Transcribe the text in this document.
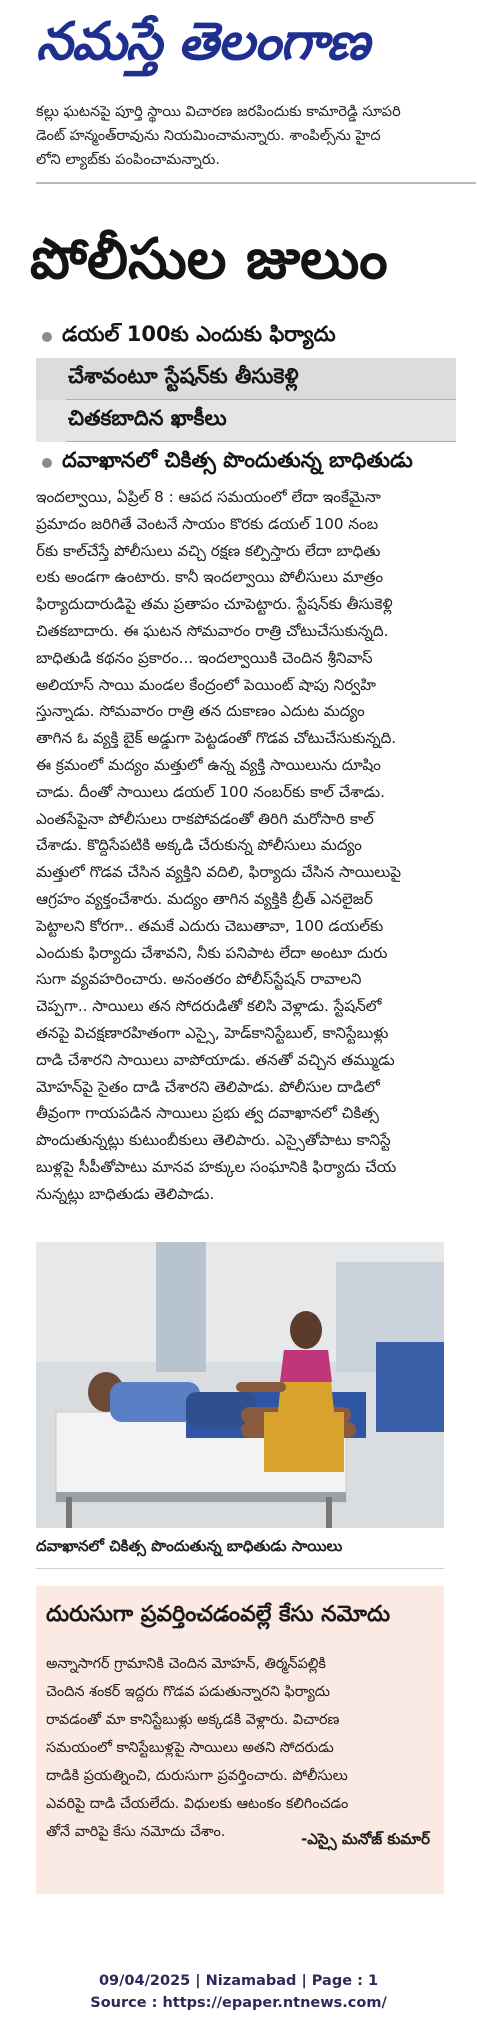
నమస్తే తెలంగాణ

కల్లు ఘటనపై పూర్తి స్థాయి విచారణ జరపిందుకు కామారెడ్డి సూపరి

డెంట్ హన్మంత్‌రావును నియమించామన్నారు. శాంపిల్స్‌ను హైద

లోని ల్యాబ్‌కు పంపించామన్నారు.

పోలీసుల జులుం
డయల్ 100కు ఎందుకు ఫిర్యాదు
చేశావంటూ స్టేషన్‌కు తీసుకెళ్లి
చితకబాదిన ఖాకీలు
దవాఖానలో చికిత్స పొందుతున్న బాధితుడు

ఇందల్వాయి, ఏప్రిల్ 8 : ఆపద సమయంలో లేదా ఇంకేమైనా

ప్రమాదం జరిగితే వెంటనే సాయం కొరకు డయల్ 100 నంబ

ర్‌కు కాల్‌చేస్తే పోలీసులు వచ్చి రక్షణ కల్పిస్తారు లేదా బాధితు

లకు అండగా ఉంటారు. కానీ ఇందల్వాయి పోలీసులు మాత్రం

ఫిర్యాదుదారుడిపై తమ ప్రతాపం చూపెట్టారు. స్టేషన్‌కు తీసుకెళ్లి

చితకబాదారు. ఈ ఘటన సోమవారం రాత్రి చోటుచేసుకున్నది.

బాధితుడి కథనం ప్రకారం... ఇందల్వాయికి చెందిన శ్రీనివాస్

అలియాస్ సాయి మండల కేంద్రంలో పెయింట్ షాపు నిర్వహి

స్తున్నాడు. సోమవారం రాత్రి తన దుకాణం ఎదుట మద్యం

తాగిన ఓ వ్యక్తి బైక్ అడ్డుగా పెట్టడంతో గొడవ చోటుచేసుకున్నది.

ఈ క్రమంలో మద్యం మత్తులో ఉన్న వ్యక్తి సాయిలును దూషిం

చాడు. దీంతో సాయిలు డయల్ 100 నంబర్‌కు కాల్ చేశాడు.

ఎంతసేపైనా పోలీసులు రాకపోవడంతో తిరిగి మరోసారి కాల్

చేశాడు. కొద్దిసేపటికి అక్కడి చేరుకున్న పోలీసులు మద్యం

మత్తులో గొడవ చేసిన వ్యక్తిని వదిలి, ఫిర్యాదు చేసిన సాయిలుపై

ఆగ్రహం వ్యక్తంచేశారు. మద్యం తాగిన వ్యక్తికి బ్రీత్ ఎనలైజర్

పెట్టాలని కోరగా.. తమకే ఎదురు చెబుతావా, 100 డయల్‌కు

ఎందుకు ఫిర్యాదు చేశావని, నీకు పనిపాట లేదా అంటూ దురు

సుగా వ్యవహరించారు. అనంతరం పోలీస్‌స్టేషన్ రావాలని

చెప్పగా.. సాయిలు తన సోదరుడితో కలిసి వెళ్లాడు. స్టేషన్‌లో

తనపై విచక్షణారహితంగా ఎస్సై, హెడ్‌కానిస్టేబుల్, కానిస్టేబుళ్లు

దాడి చేశారని సాయిలు వాపోయాడు. తనతో వచ్చిన తమ్ముడు

మోహన్‌పై సైతం దాడి చేశారని తెలిపాడు. పోలీసుల దాడిలో

తీవ్రంగా గాయపడిన సాయిలు ప్రభు త్వ దవాఖానలో చికిత్స

పొందుతున్నట్లు కుటుంబీకులు తెలిపారు. ఎస్సైతోపాటు కానిస్టే

బుళ్లపై సీపీతోపాటు మానవ హక్కుల సంఘానికి ఫిర్యాదు చేయ

నున్నట్లు బాధితుడు తెలిపాడు.

దవాఖానలో చికిత్స పొందుతున్న బాధితుడు సాయిలు
దురుసుగా ప్రవర్తించడంవల్లే కేసు నమోదు

అన్నాసాగర్ గ్రామానికి చెందిన మోహన్, తిర్మన్‌పల్లికి

చెందిన శంకర్ ఇద్దరు గొడవ పడుతున్నారని ఫిర్యాదు

రావడంతో మా కానిస్టేబుళ్లు అక్కడకి వెళ్లారు. విచారణ

సమయంలో కానిస్టేబుళ్లపై సాయిలు అతని సోదరుడు

దాడికి ప్రయత్నించి, దురుసుగా ప్రవర్తించారు. పోలీసులు

ఎవరిపై దాడి చేయలేదు. విధులకు ఆటంకం కలిగించడం

తోనే వారిపై కేసు నమోదు చేశాం.	-ఎస్సై మనోజ్ కుమార్
09/04/2025 | Nizamabad | Page : 1
Source : https://epaper.ntnews.com/
